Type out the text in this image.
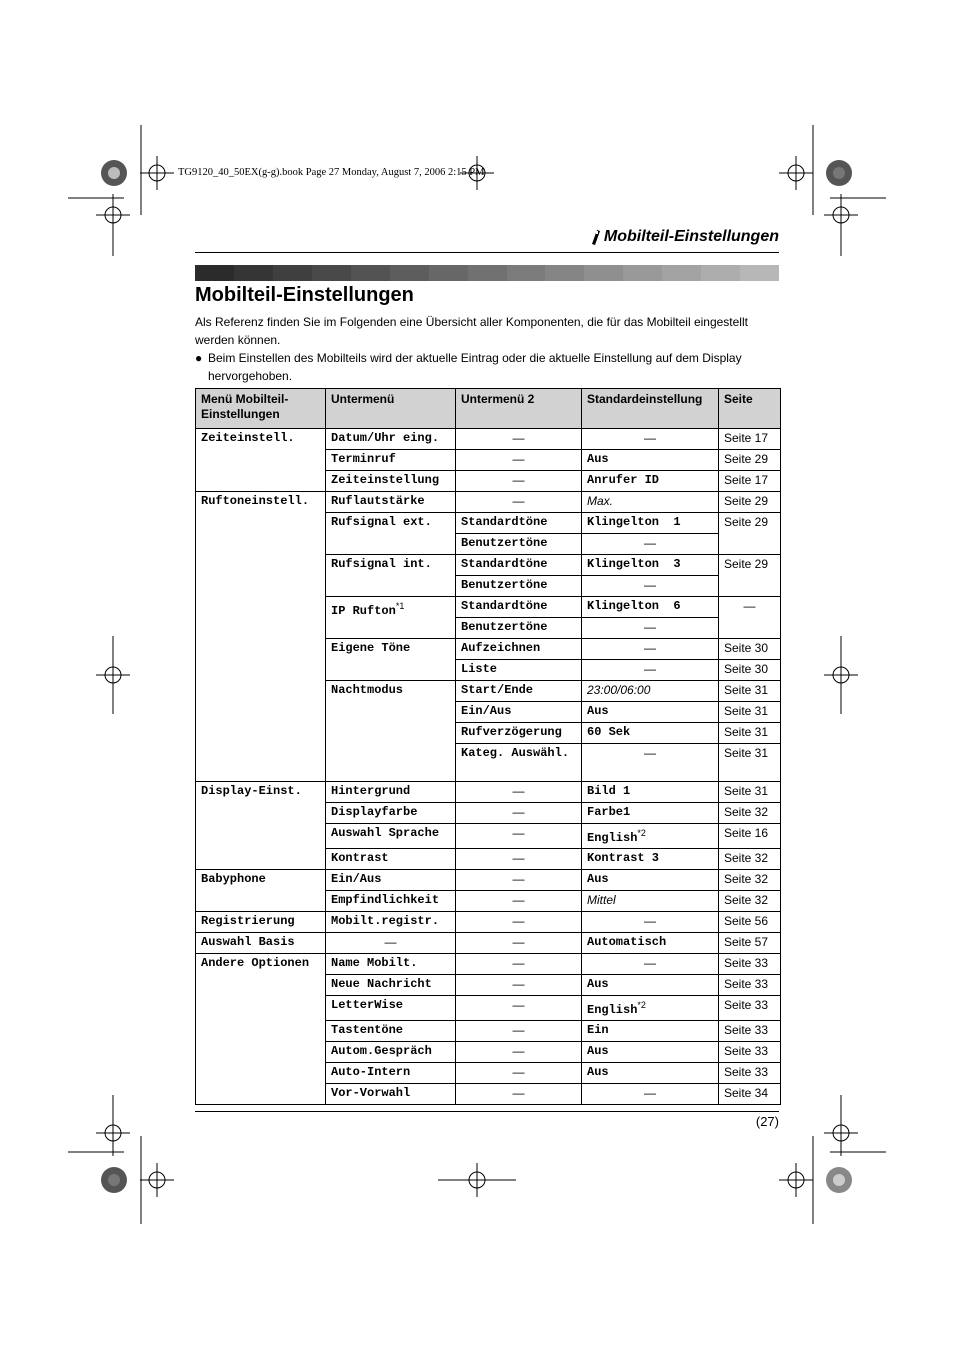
TG9120_40_50EX(g-g).book Page 27 Monday, August 7, 2006 2:15 PM
Mobilteil-Einstellungen
Mobilteil-Einstellungen

Als Referenz finden Sie im Folgenden eine Übersicht aller Komponenten, die für das Mobilteil eingestellt werden können.

● Beim Einstellen des Mobilteils wird der aktuelle Eintrag oder die aktuelle Einstellung auf dem Display hervorgehoben.
Menü Mobilteil-Einstellungen	Untermenü	Untermenü 2	Standardeinstellung	Seite
Zeiteinstell.	Datum/Uhr eing.	—	—	Seite 17
	Terminruf	—	Aus	Seite 29
	Zeiteinstellung	—	Anrufer ID	Seite 17
Ruftoneinstell.	Ruflautstärke	—	Max.	Seite 29
	Rufsignal ext.	Standardtöne	Klingelton  1	Seite 29
		Benutzertöne	—	
	Rufsignal int.	Standardtöne	Klingelton  3	Seite 29
		Benutzertöne	—	
	IP Rufton$^{*1}$	Standardtöne	Klingelton  6	—
		Benutzertöne	—	
	Eigene Töne	Aufzeichnen	—	Seite 30
		Liste	—	Seite 30
	Nachtmodus	Start/Ende	23:00/06:00	Seite 31
		Ein/Aus	Aus	Seite 31
		Rufverzögerung	60 Sek	Seite 31
		Kateg. Auswähl.	—	Seite 31
Display-Einst.	Hintergrund	—	Bild 1	Seite 31
	Displayfarbe	—	Farbe1	Seite 32
	Auswahl Sprache	—	English$^{*2}$	Seite 16
	Kontrast	—	Kontrast 3	Seite 32
Babyphone	Ein/Aus	—	Aus	Seite 32
	Empfindlichkeit	—	Mittel	Seite 32
Registrierung	Mobilt.registr.	—	—	Seite 56
Auswahl Basis	—	—	Automatisch	Seite 57
Andere Optionen	Name Mobilt.	—	—	Seite 33
	Neue Nachricht	—	Aus	Seite 33
	LetterWise	—	English$^{*2}$	Seite 33
	Tastentöne	—	Ein	Seite 33
	Autom.Gespräch	—	Aus	Seite 33
	Auto-Intern	—	Aus	Seite 33
	Vor-Vorwahl	—	—	Seite 34
(27)
